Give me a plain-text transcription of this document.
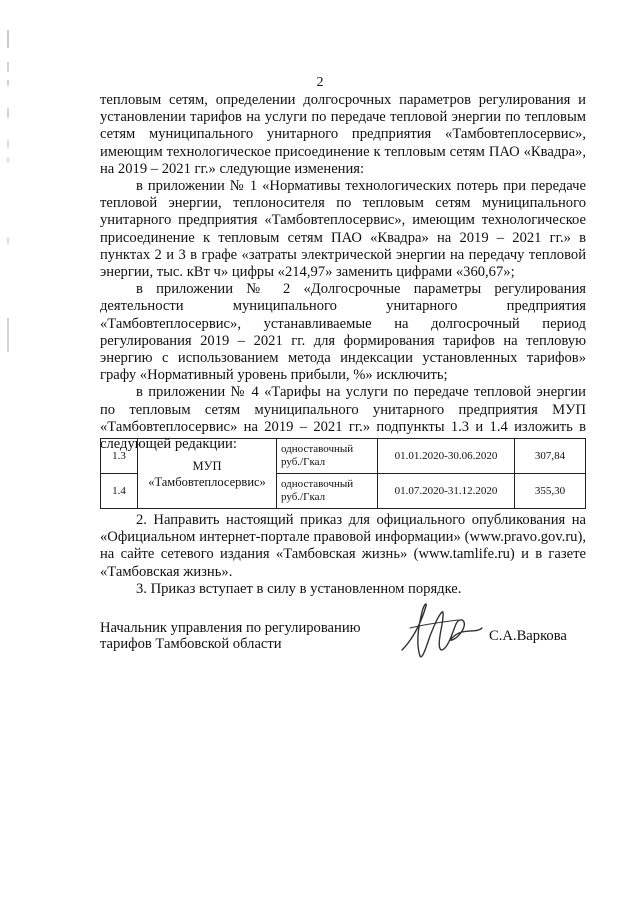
2

тепловым сетям, определении долгосрочных параметров регулирования и установлении тарифов на услуги по передаче тепловой энергии по тепловым сетям муниципального унитарного предприятия «Тамбовтеплосервис», имеющим технологическое присоединение к тепловым сетям ПАО «Квадра», на 2019 – 2021 гг.» следующие изменения:

в приложении № 1 «Нормативы технологических потерь при передаче тепловой энергии, теплоносителя по тепловым сетям муниципального унитарного предприятия «Тамбовтеплосервис», имеющим технологическое присоединение к тепловым сетям ПАО «Квадра» на 2019 – 2021 гг.» в пунктах 2 и 3 в графе «затраты электрической энергии на передачу тепловой энергии, тыс. кВт ч» цифры «214,97» заменить цифрами «360,67»;

в приложении № 2 «Долгосрочные параметры регулирования деятельности муниципального унитарного предприятия «Тамбовтеплосервис», устанавливаемые на долгосрочный период регулирования 2019 – 2021 гг. для формирования тарифов на тепловую энергию с использованием метода индексации установленных тарифов» графу «Нормативный уровень прибыли, %» исключить;

в приложении № 4 «Тарифы на услуги по передаче тепловой энергии по тепловым сетям муниципального унитарного предприятия МУП «Тамбовтеплосервис» на 2019 – 2021 гг.» подпункты 1.3 и 1.4 изложить в следующей редакции:

1.3	МУП «Тамбовтеплосервис»	одноставочный руб./Гкал	01.01.2020-30.06.2020	307,84
1.4		одноставочный руб./Гкал	01.07.2020-31.12.2020	355,30

2. Направить настоящий приказ для официального опубликования на «Официальном интернет-портале правовой информации» (www.pravo.gov.ru), на сайте сетевого издания «Тамбовская жизнь» (www.tamlife.ru) и в газете «Тамбовская жизнь».

3. Приказ вступает в силу в установленном порядке.

Начальник управления по регулированию
тарифов Тамбовской области	С.А.Варкова
